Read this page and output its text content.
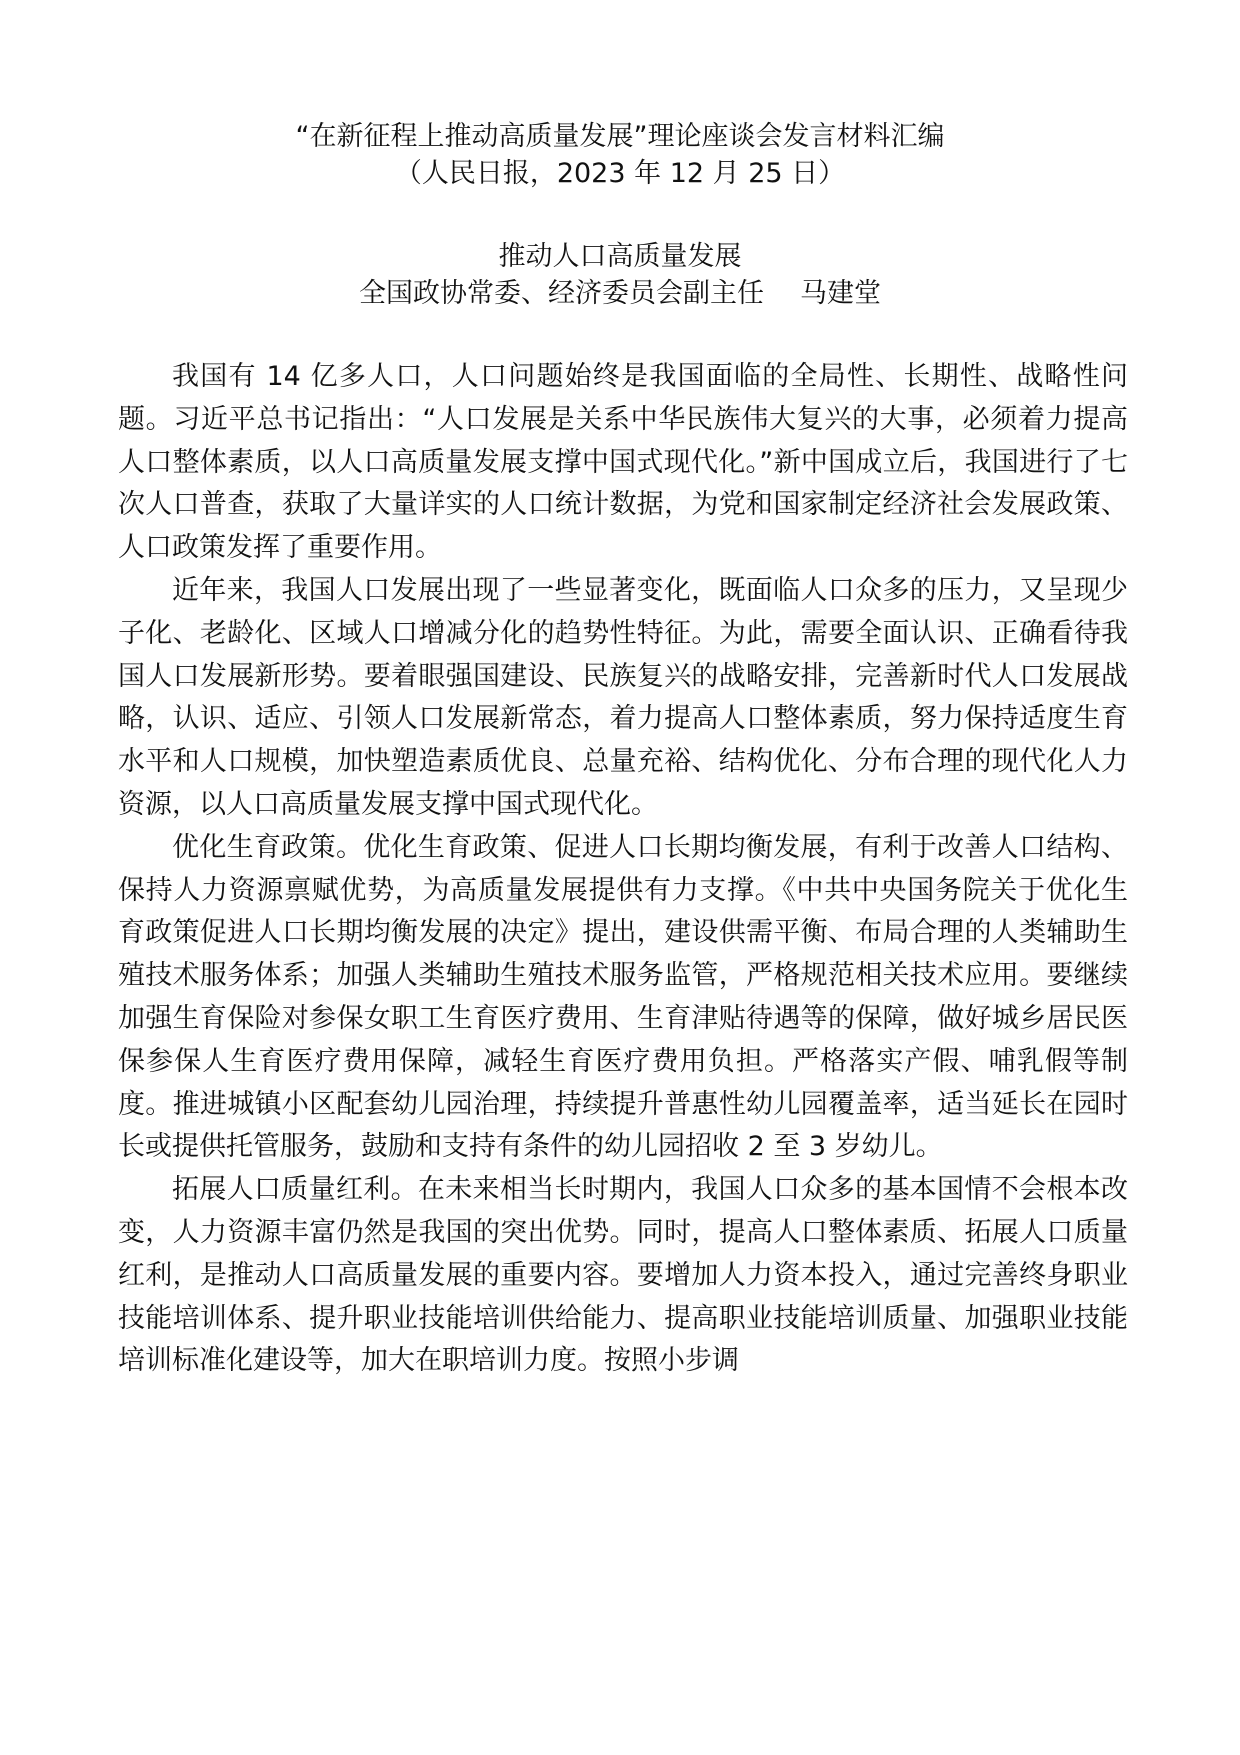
“在新征程上推动高质量发展”理论座谈会发言材料汇编
（人民日报，2023 年 12 月 25 日）
推动人口高质量发展
全国政协常委、经济委员会副主任 马建堂

我国有 14 亿多人口，人口问题始终是我国面临的全局性、长期性、战略性问题。习近平总书记指出：“人口发展是关系中华民族伟大复兴的大事，必须着力提高人口整体素质，以人口高质量发展支撑中国式现代化。”新中国成立后，我国进行了七次人口普查，获取了大量详实的人口统计数据，为党和国家制定经济社会发展政策、人口政策发挥了重要作用。

近年来，我国人口发展出现了一些显著变化，既面临人口众多的压力，又呈现少子化、老龄化、区域人口增减分化的趋势性特征。为此，需要全面认识、正确看待我国人口发展新形势。要着眼强国建设、民族复兴的战略安排，完善新时代人口发展战略，认识、适应、引领人口发展新常态，着力提高人口整体素质，努力保持适度生育水平和人口规模，加快塑造素质优良、总量充裕、结构优化、分布合理的现代化人力资源，以人口高质量发展支撑中国式现代化。

优化生育政策。优化生育政策、促进人口长期均衡发展，有利于改善人口结构、保持人力资源禀赋优势，为高质量发展提供有力支撑。《中共中央国务院关于优化生育政策促进人口长期均衡发展的决定》提出，建设供需平衡、布局合理的人类辅助生殖技术服务体系；加强人类辅助生殖技术服务监管，严格规范相关技术应用。要继续加强生育保险对参保女职工生育医疗费用、生育津贴待遇等的保障，做好城乡居民医保参保人生育医疗费用保障，减轻生育医疗费用负担。严格落实产假、哺乳假等制度。推进城镇小区配套幼儿园治理，持续提升普惠性幼儿园覆盖率，适当延长在园时长或提供托管服务，鼓励和支持有条件的幼儿园招收 2 至 3 岁幼儿。

拓展人口质量红利。在未来相当长时期内，我国人口众多的基本国情不会根本改变，人力资源丰富仍然是我国的突出优势。同时，提高人口整体素质、拓展人口质量红利，是推动人口高质量发展的重要内容。要增加人力资本投入，通过完善终身职业技能培训体系、提升职业技能培训供给能力、提高职业技能培训质量、加强职业技能培训标准化建设等，加大在职培训力度。按照小步调
